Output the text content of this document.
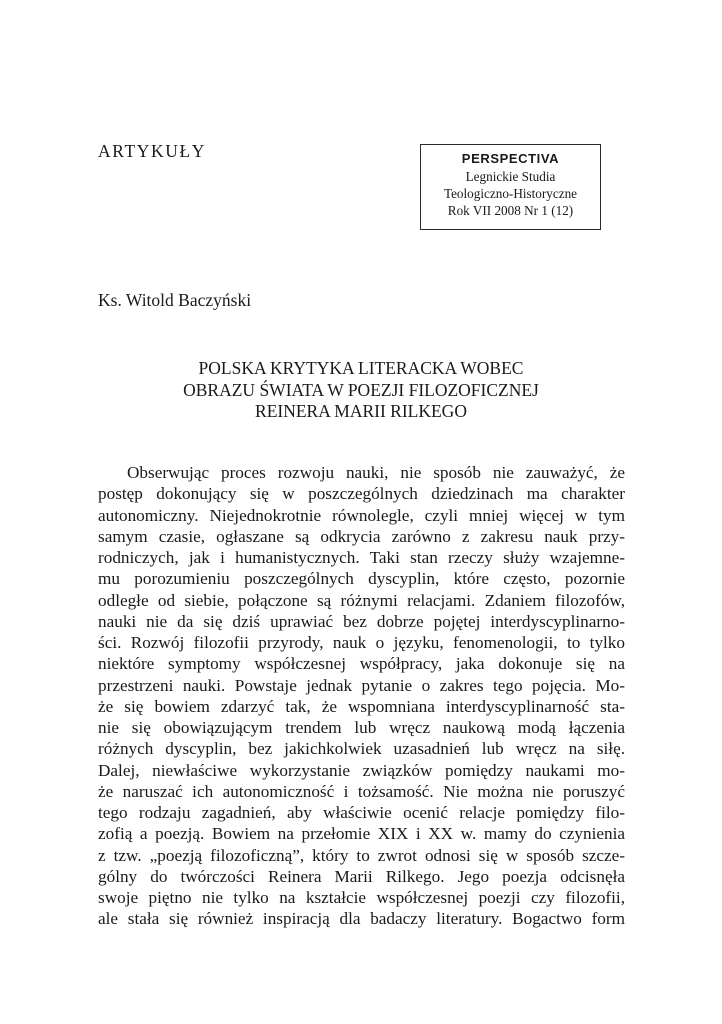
ARTYKUŁY	PERSPECTIVA
Legnickie Studia
Teologiczno-Historyczne
Rok VII 2008 Nr 1 (12)
Ks. Witold Baczyński
POLSKA KRYTYKA LITERACKA WOBEC
OBRAZU ŚWIATA W POEZJI FILOZOFICZNEJ
REINERA MARII RILKEGO
Obserwując proces rozwoju nauki, nie sposób nie zauważyć, że
postęp dokonujący się w poszczególnych dziedzinach ma charakter
autonomiczny. Niejednokrotnie równolegle, czyli mniej więcej w tym
samym czasie, ogłaszane są odkrycia zarówno z zakresu nauk przy-
rodniczych, jak i humanistycznych. Taki stan rzeczy służy wzajemne-
mu porozumieniu poszczególnych dyscyplin, które często, pozornie
odległe od siebie, połączone są różnymi relacjami. Zdaniem filozofów,
nauki nie da się dziś uprawiać bez dobrze pojętej interdyscyplinarno-
ści. Rozwój filozofii przyrody, nauk o języku, fenomenologii, to tylko
niektóre symptomy współczesnej współpracy, jaka dokonuje się na
przestrzeni nauki. Powstaje jednak pytanie o zakres tego pojęcia. Mo-
że się bowiem zdarzyć tak, że wspomniana interdyscyplinarność sta-
nie się obowiązującym trendem lub wręcz naukową modą łączenia
różnych dyscyplin, bez jakichkolwiek uzasadnień lub wręcz na siłę.
Dalej, niewłaściwe wykorzystanie związków pomiędzy naukami mo-
że naruszać ich autonomiczność i tożsamość. Nie można nie poruszyć
tego rodzaju zagadnień, aby właściwie ocenić relacje pomiędzy filo-
zofią a poezją. Bowiem na przełomie XIX i XX w. mamy do czynienia
z tzw. „poezją filozoficzną”, który to zwrot odnosi się w sposób szcze-
gólny do twórczości Reinera Marii Rilkego. Jego poezja odcisnęła
swoje piętno nie tylko na kształcie współczesnej poezji czy filozofii,
ale stała się również inspiracją dla badaczy literatury. Bogactwo form
